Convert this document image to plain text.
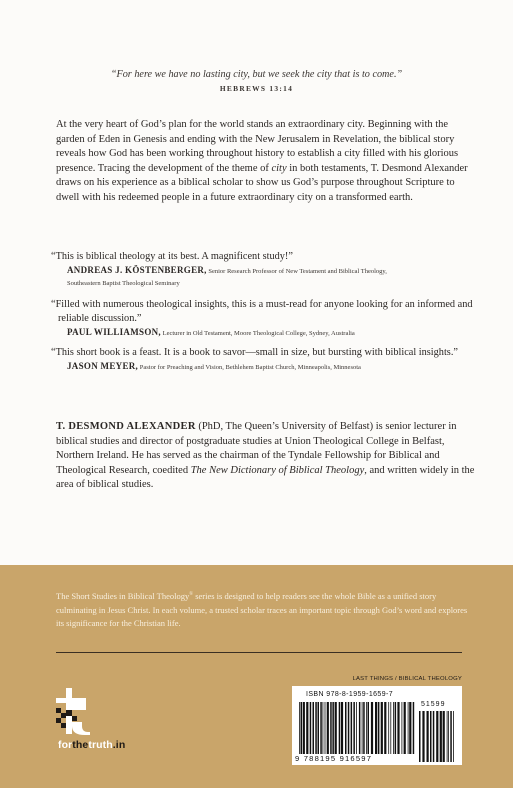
“For here we have no lasting city, but we seek the city that is to come.”
HEBREWS 13:14

At the very heart of God’s plan for the world stands an extraordinary city. Beginning with the garden of Eden in Genesis and ending with the New Jerusalem in Revelation, the biblical story reveals how God has been working throughout history to establish a city filled with his glorious presence. Tracing the development of the theme of city in both testaments, T. Desmond Alexander draws on his experience as a biblical scholar to show us God’s purpose throughout Scripture to dwell with his redeemed people in a future extraordinary city on a transformed earth.

“This is biblical theology at its best. A magnificent study!”

ANDREAS J. KÖSTENBERGER, Senior Research Professor of New Testament and Biblical Theology,
Southeastern Baptist Theological Seminary

“Filled with numerous theological insights, this is a must-read for anyone looking for an informed and reliable discussion.”

PAUL WILLIAMSON, Lecturer in Old Testament, Moore Theological College, Sydney, Australia

“This short book is a feast. It is a book to savor—small in size, but bursting with biblical insights.”

JASON MEYER, Pastor for Preaching and Vision, Bethlehem Baptist Church, Minneapolis, Minnesota

T. DESMOND ALEXANDER (PhD, The Queen’s University of Belfast) is senior lecturer in biblical studies and director of postgraduate studies at Union Theological College in Belfast, Northern Ireland. He has served as the chairman of the Tyndale Fellowship for Biblical and Theological Research, coedited The New Dictionary of Biblical Theology, and written widely in the area of biblical studies.

The Short Studies in Biblical Theology® series is designed to help readers see the whole Bible as a unified story culminating in Jesus Christ. In each volume, a trusted scholar traces an important topic through God’s word and explores its significance for the Christian life.

LAST THINGS / BIBLICAL THEOLOGY
forthetruth.in
ISBN 978-8-1959-1659-7
51599
9 788195 916597
